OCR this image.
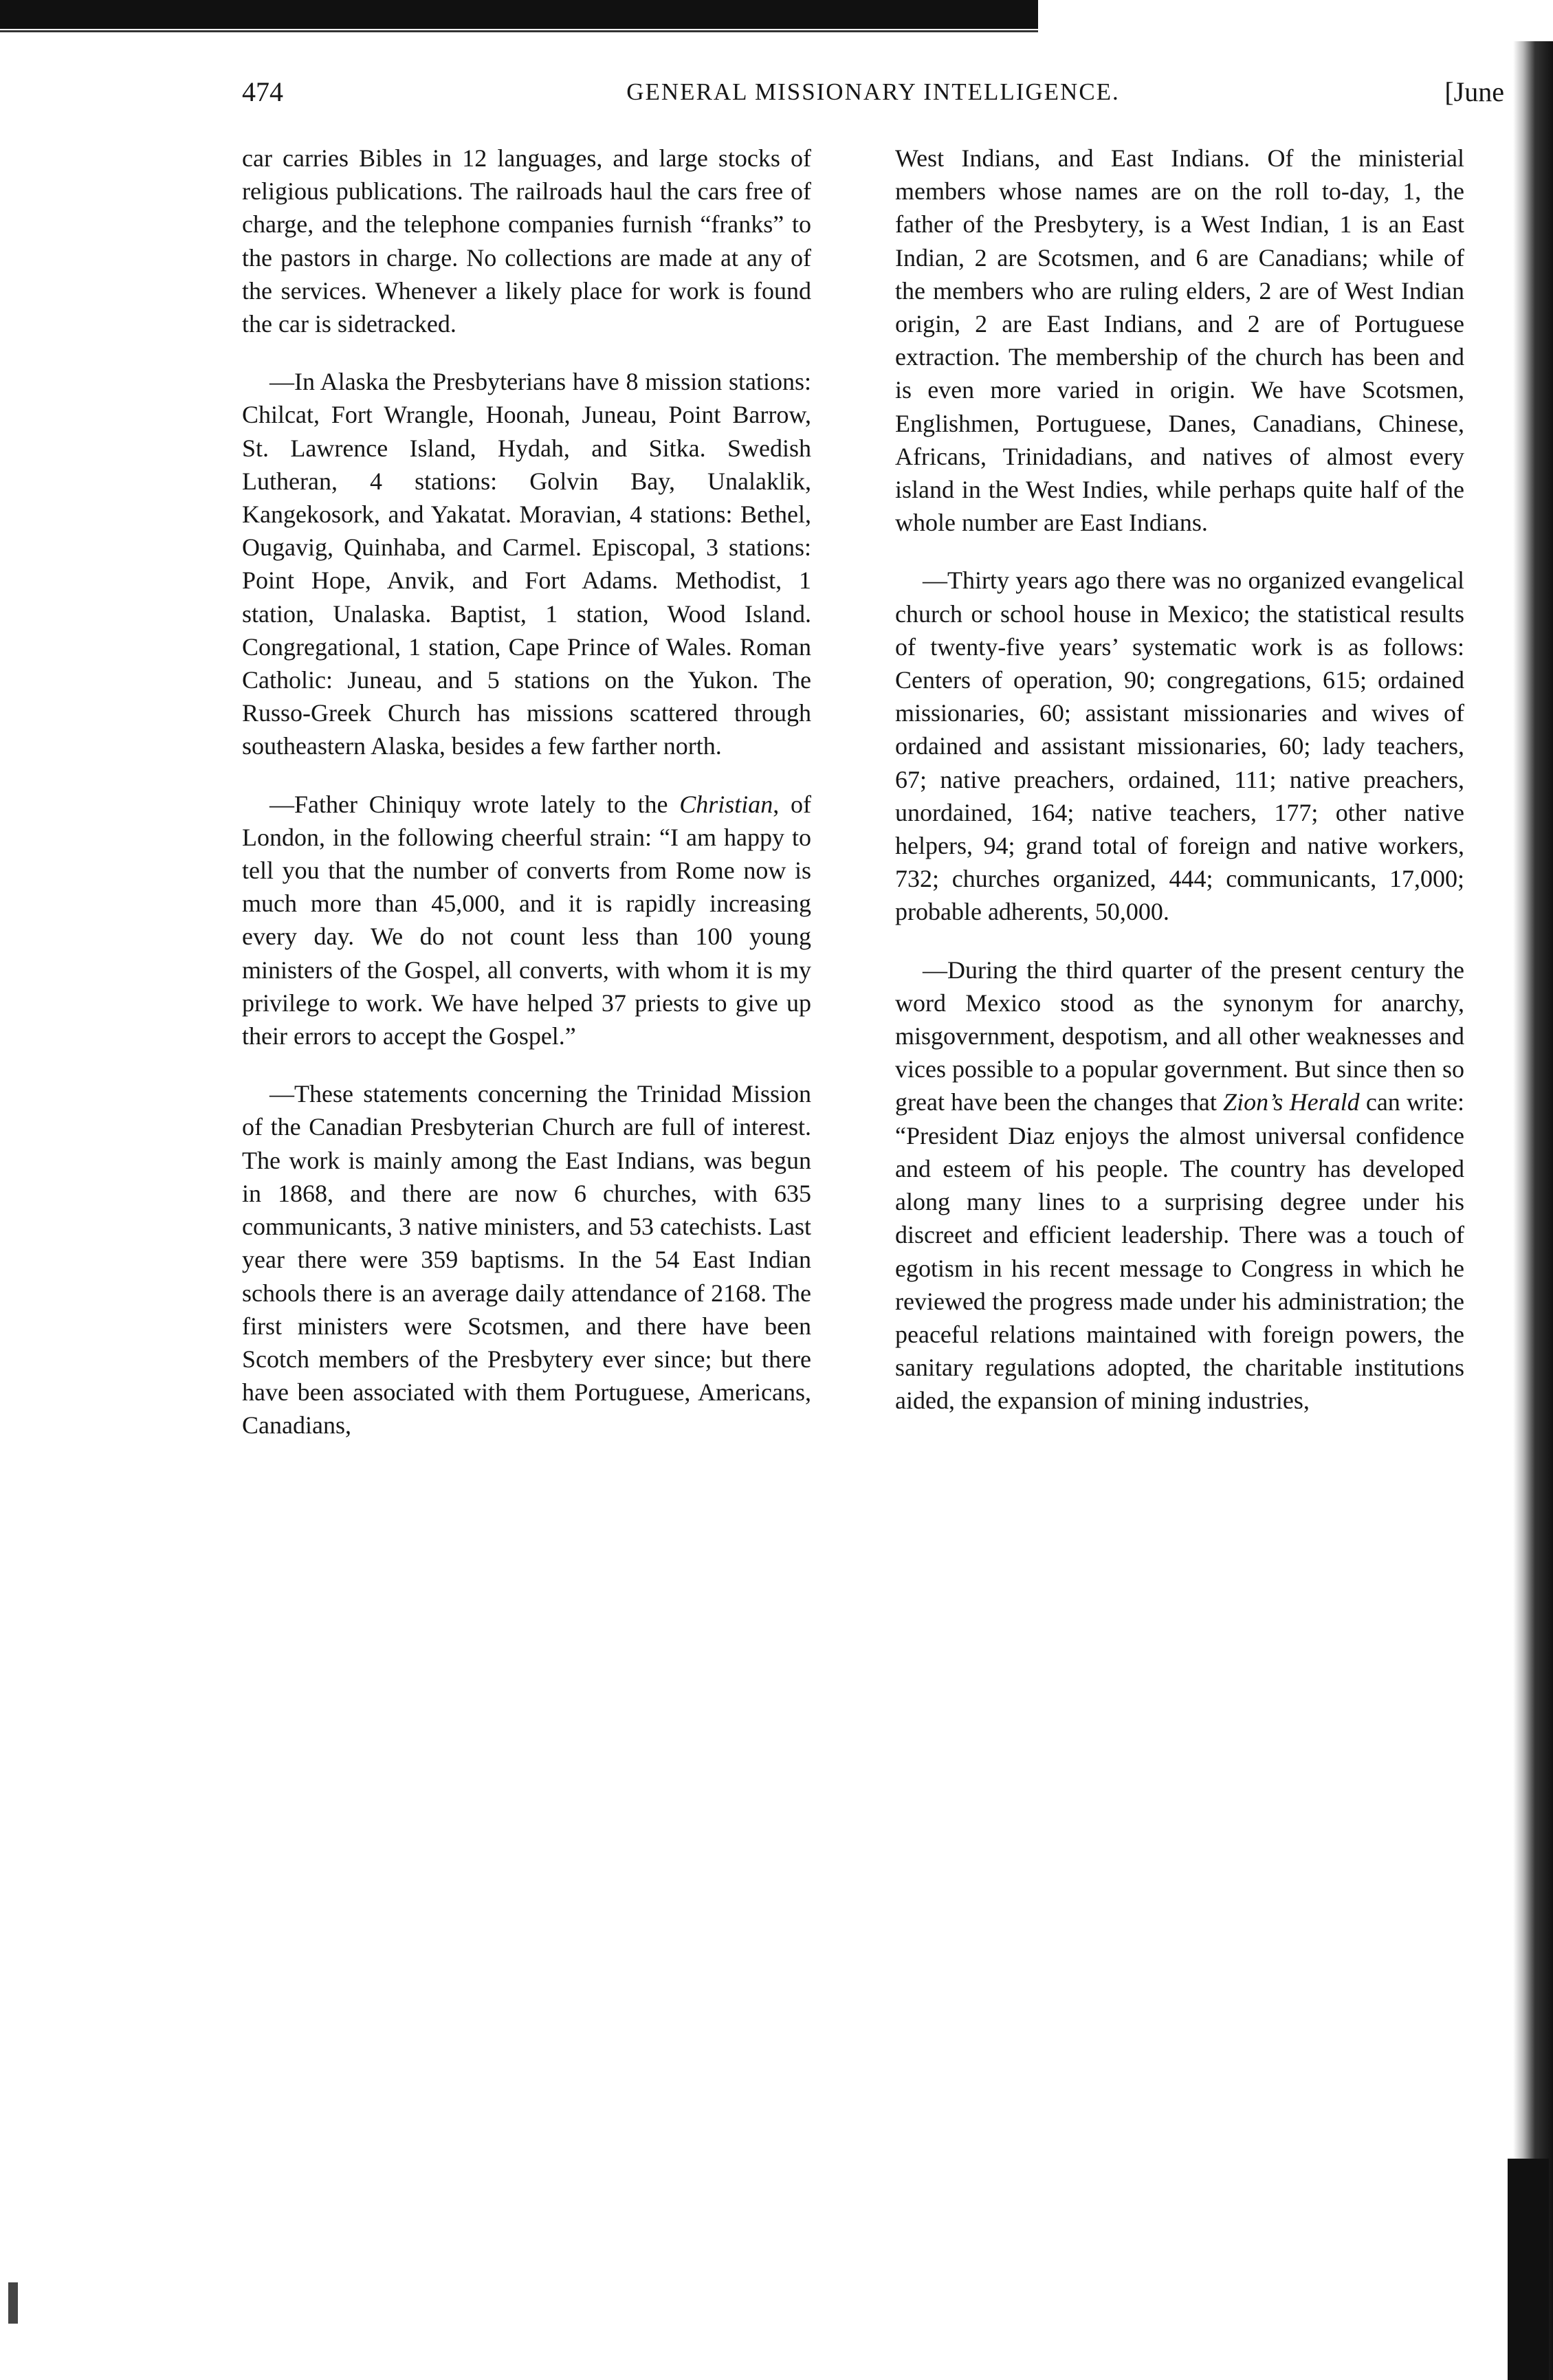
474	GENERAL MISSIONARY INTELLIGENCE.	[June

car carries Bibles in 12 languages, and large stocks of religious publications. The railroads haul the cars free of charge, and the telephone companies furnish “franks” to the pastors in charge. No collections are made at any of the services. Whenever a likely place for work is found the car is sidetracked.

—In Alaska the Presbyterians have 8 mission stations: Chilcat, Fort Wrangle, Hoonah, Juneau, Point Barrow, St. Lawrence Island, Hydah, and Sitka. Swedish Lutheran, 4 stations: Golvin Bay, Unalaklik, Kangekosork, and Yakatat. Moravian, 4 stations: Bethel, Ougavig, Quinhaba, and Carmel. Episcopal, 3 stations: Point Hope, Anvik, and Fort Adams. Methodist, 1 station, Unalaska. Baptist, 1 station, Wood Island. Congregational, 1 station, Cape Prince of Wales. Roman Catholic: Juneau, and 5 stations on the Yukon. The Russo-Greek Church has missions scattered through southeastern Alaska, besides a few farther north.

—Father Chiniquy wrote lately to the Christian, of London, in the following cheerful strain: “I am happy to tell you that the number of converts from Rome now is much more than 45,000, and it is rapidly increasing every day. We do not count less than 100 young ministers of the Gospel, all converts, with whom it is my privilege to work. We have helped 37 priests to give up their errors to accept the Gospel.”

—These statements concerning the Trinidad Mission of the Canadian Presbyterian Church are full of interest. The work is mainly among the East Indians, was begun in 1868, and there are now 6 churches, with 635 communicants, 3 native ministers, and 53 catechists. Last year there were 359 baptisms. In the 54 East Indian schools there is an average daily attendance of 2168. The first ministers were Scotsmen, and there have been Scotch members of the Presbytery ever since; but there have been associated with them Portuguese, Americans, Canadians,

West Indians, and East Indians. Of the ministerial members whose names are on the roll to-day, 1, the father of the Presbytery, is a West Indian, 1 is an East Indian, 2 are Scotsmen, and 6 are Canadians; while of the members who are ruling elders, 2 are of West Indian origin, 2 are East Indians, and 2 are of Portuguese extraction. The membership of the church has been and is even more varied in origin. We have Scotsmen, Englishmen, Portuguese, Danes, Canadians, Chinese, Africans, Trinidadians, and natives of almost every island in the West Indies, while perhaps quite half of the whole number are East Indians.

—Thirty years ago there was no organized evangelical church or school house in Mexico; the statistical results of twenty-five years’ systematic work is as follows: Centers of operation, 90; congregations, 615; ordained missionaries, 60; assistant missionaries and wives of ordained and assistant missionaries, 60; lady teachers, 67; native preachers, ordained, 111; native preachers, unordained, 164; native teachers, 177; other native helpers, 94; grand total of foreign and native workers, 732; churches organized, 444; communicants, 17,000; probable adherents, 50,000.

—During the third quarter of the present century the word Mexico stood as the synonym for anarchy, misgovernment, despotism, and all other weaknesses and vices possible to a popular government. But since then so great have been the changes that Zion’s Herald can write: “President Diaz enjoys the almost universal confidence and esteem of his people. The country has developed along many lines to a surprising degree under his discreet and efficient leadership. There was a touch of egotism in his recent message to Congress in which he reviewed the progress made under his administration; the peaceful relations maintained with foreign powers, the sanitary regulations adopted, the charitable institutions aided, the expansion of mining industries,
